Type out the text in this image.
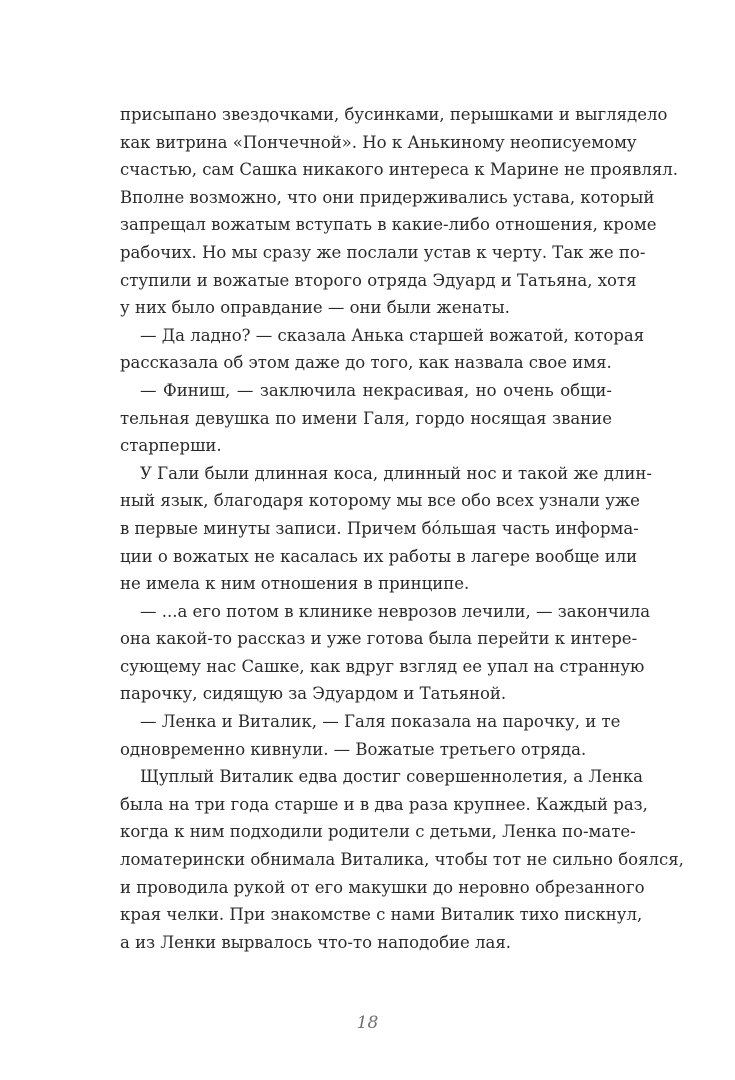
присыпано звездочками, бусинками, перышками и выглядело
как витрина «Пончечной». Но к Анькиному неописуемому
счастью, сам Сашка никакого интереса к Марине не проявлял.
Вполне возможно, что они придерживались устава, который
запрещал вожатым вступать в какие-либо отношения, кроме
рабочих. Но мы сразу же послали устав к черту. Так же по-
ступили и вожатые второго отряда Эдуард и Татьяна, хотя
у них было оправдание — они были женаты.
— Да ладно? — сказала Анька старшей вожатой, которая
рассказала об этом даже до того, как назвала свое имя.
— Финиш, — заключила некрасивая, но очень общи-
тельная девушка по имени Галя, гордо носящая звание
старперши.
У Гали были длинная коса, длинный нос и такой же длин-
ный язык, благодаря которому мы все обо всех узнали уже
в первые минуты записи. Причем бóльшая часть информа-
ции о вожатых не касалась их работы в лагере вообще или
не имела к ним отношения в принципе.
— ...а его потом в клинике неврозов лечили, — закончила
она какой-то рассказ и уже готова была перейти к интере-
сующему нас Сашке, как вдруг взгляд ее упал на странную
парочку, сидящую за Эдуардом и Татьяной.
— Ленка и Виталик, — Галя показала на парочку, и те
одновременно кивнули. — Вожатые третьего отряда.
Щуплый Виталик едва достиг совершеннолетия, а Ленка
была на три года старше и в два раза крупнее. Каждый раз,
когда к ним подходили родители с детьми, Ленка по-мате-
ломатерински обнимала Виталика, чтобы тот не сильно боялся,
и проводила рукой от его макушки до неровно обрезанного
края челки. При знакомстве с нами Виталик тихо пискнул,
а из Ленки вырвалось что-то наподобие лая.
18
